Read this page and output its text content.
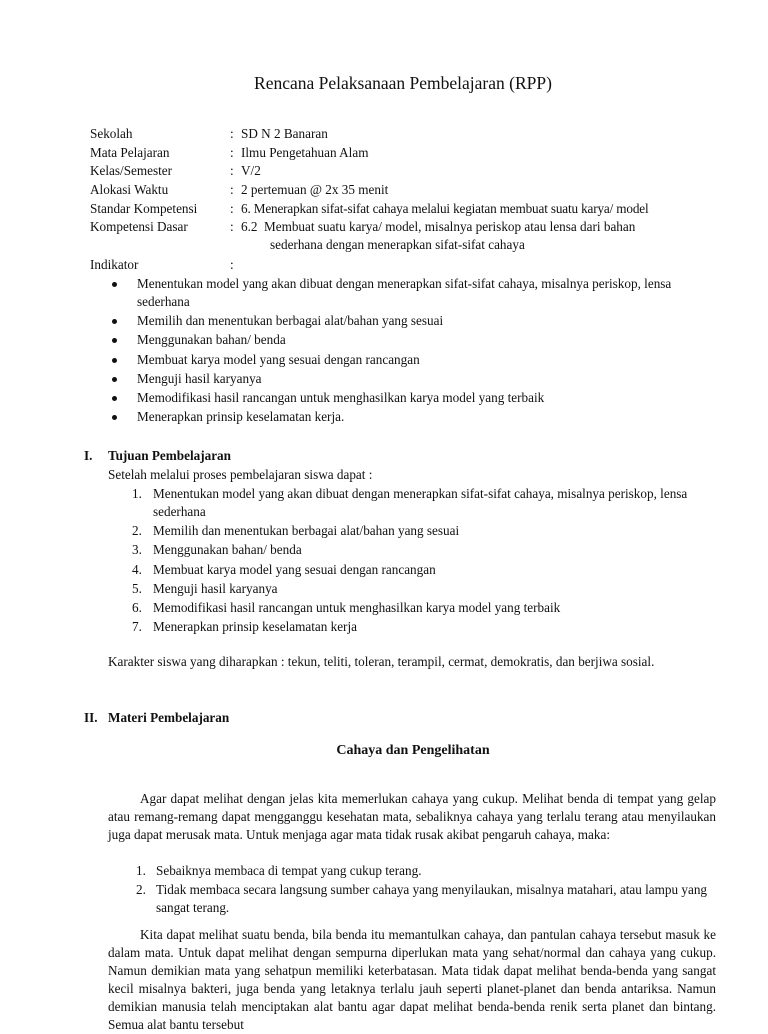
Rencana Pelaksanaan Pembelajaran (RPP)
Sekolah	: SD N 2 Banaran
Mata Pelajaran	: Ilmu Pengetahuan Alam
Kelas/Semester	: V/2
Alokasi Waktu	: 2 pertemuan @ 2x 35 menit
Standar Kompetensi	: 6. Menerapkan sifat-sifat cahaya melalui kegiatan membuat suatu karya/ model
Kompetensi Dasar	: 6.2 Membuat suatu karya/ model, misalnya periskop atau lensa dari bahan
sederhana dengan menerapkan sifat-sifat cahaya
Indikator	:
Menentukan model yang akan dibuat dengan menerapkan sifat-sifat cahaya, misalnya periskop, lensa sederhana
Memilih dan menentukan berbagai alat/bahan yang sesuai
Menggunakan bahan/ benda
Membuat karya model yang sesuai dengan rancangan
Menguji hasil karyanya
Memodifikasi hasil rancangan untuk menghasilkan karya model yang terbaik
Menerapkan prinsip keselamatan kerja.
I. Tujuan Pembelajaran
Setelah melalui proses pembelajaran siswa dapat :
1. Menentukan model yang akan dibuat dengan menerapkan sifat-sifat cahaya, misalnya periskop, lensa sederhana
2. Memilih dan menentukan berbagai alat/bahan yang sesuai
3. Menggunakan bahan/ benda
4. Membuat karya model yang sesuai dengan rancangan
5. Menguji hasil karyanya
6. Memodifikasi hasil rancangan untuk menghasilkan karya model yang terbaik
7. Menerapkan prinsip keselamatan kerja
Karakter siswa yang diharapkan : tekun, teliti, toleran, terampil, cermat, demokratis, dan berjiwa sosial.
II. Materi Pembelajaran
Cahaya dan Pengelihatan
Agar dapat melihat dengan jelas kita memerlukan cahaya yang cukup. Melihat benda di tempat yang gelap atau remang-remang dapat mengganggu kesehatan mata, sebaliknya cahaya yang terlalu terang atau menyilaukan juga dapat merusak mata. Untuk menjaga agar mata tidak rusak akibat pengaruh cahaya, maka:
1. Sebaiknya membaca di tempat yang cukup terang.
2. Tidak membaca secara langsung sumber cahaya yang menyilaukan, misalnya matahari, atau lampu yang sangat terang.
Kita dapat melihat suatu benda, bila benda itu memantulkan cahaya, dan pantulan cahaya tersebut masuk ke dalam mata. Untuk dapat melihat dengan sempurna diperlukan mata yang sehat/normal dan cahaya yang cukup. Namun demikian mata yang sehatpun memiliki keterbatasan. Mata tidak dapat melihat benda-benda yang sangat kecil misalnya bakteri, juga benda yang letaknya terlalu jauh seperti planet-planet dan benda antariksa. Namun demikian manusia telah menciptakan alat bantu agar dapat melihat benda-benda renik serta planet dan bintang. Semua alat bantu tersebut
